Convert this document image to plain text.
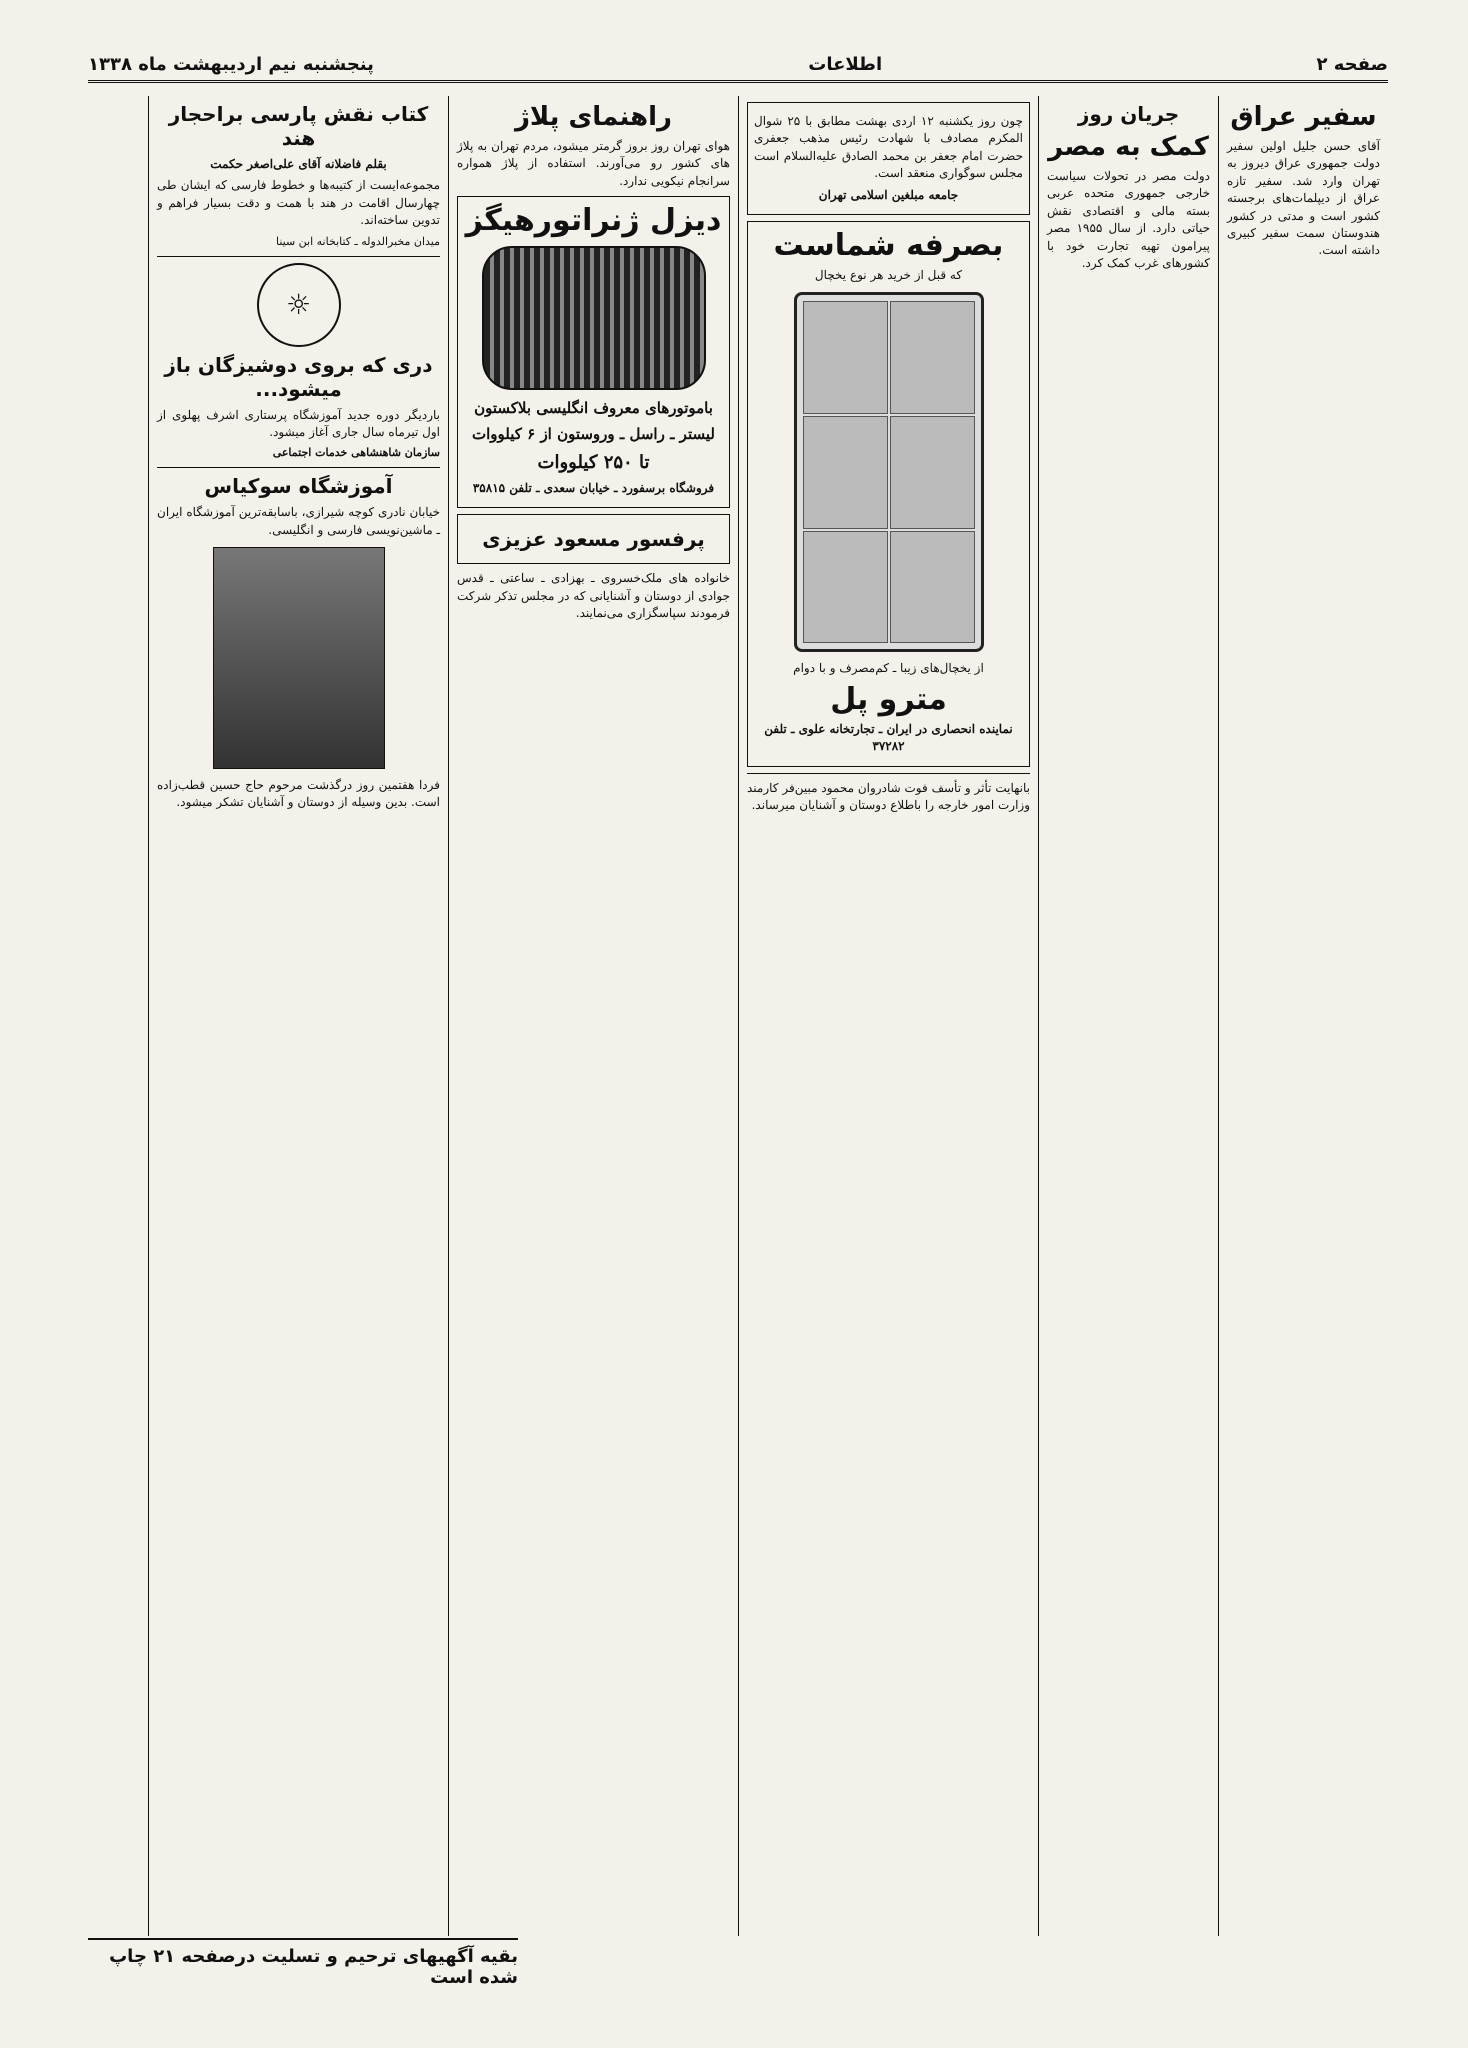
صفحه ۲
اطلاعات
پنجشنبه نیم اردیبهشت ماه ۱۳۳۸
سفیر عراق

آقای حسن جلیل اولین سفیر دولت جمهوری عراق دیروز به تهران وارد شد. سفیر تازه عراق از دیپلمات‌های برجسته کشور است و مدتی در کشور هندوستان سمت سفیر کبیری داشته است.

جریان روز
کمک به مصر

دولت مصر در تحولات سیاست خارجی جمهوری متحده عربی بسته مالی و اقتصادی نقش حیاتی دارد. از سال ۱۹۵۵ مصر پیرامون تهیه تجارت خود با کشورهای غرب کمک کرد.

چون روز یکشنبه ۱۲ اردی بهشت مطابق با ۲۵ شوال المکرم مصادف با شهادت رئیس مذهب جعفری حضرت امام جعفر بن محمد الصادق علیه‌السلام است مجلس سوگواری منعقد است.

جامعه مبلغین اسلامی تهران

بصرفه شماست

که قبل از خرید هر نوع یخچال

از یخچال‌های زیبا ـ کم‌مصرف و با دوام

مترو پل

نماینده انحصاری در ایران ـ تجارتخانه علوی ـ تلفن ۳۷۲۸۲

بانهایت تأثر و تأسف فوت شادروان محمود مبین‌فر کارمند وزارت امور خارجه را باطلاع دوستان و آشنایان میرساند.

راهنمای پلاژ

هوای تهران روز بروز گرمتر میشود، مردم تهران به پلاژ های کشور رو می‌آورند. استفاده از پلاژ همواره سرانجام نیکویی ندارد.

دیزل ژنراتورهیگز

باموتورهای معروف انگلیسی بلاکستون

لیستر ـ راسل ـ وروستون از ۶ کیلووات

تا ۲۵۰ کیلووات

فروشگاه برسفورد ـ خیابان سعدی ـ تلفن ۳۵۸۱۵

پرفسور مسعود عزیزی

خانواده های ملک‌خسروی ـ بهزادی ـ ساعتی ـ قدس جوادی از دوستان و آشنایانی که در مجلس تذکر شرکت فرمودند سپاسگزاری می‌نمایند.

کتاب نقش پارسی براحجار هند

بقلم فاضلانه آقای علی‌اصغر حکمت

مجموعه‌ایست از کتیبه‌ها و خطوط فارسی که ایشان طی چهارسال اقامت در هند با همت و دقت بسیار فراهم و تدوین ساخته‌اند.

میدان مخبرالدوله ـ کتابخانه ابن سینا

☼
دری که بروی دوشیزگان باز میشود...

باردیگر دوره جدید آموزشگاه پرستاری اشرف پهلوی از اول تیرماه سال جاری آغاز میشود.

سازمان شاهنشاهی خدمات اجتماعی

آموزشگاه سوکیاس

خیابان نادری کوچه شیرازی، باسابقه‌ترین آموزشگاه ایران ـ ماشین‌نویسی فارسی و انگلیسی.

فردا هفتمین روز درگذشت مرحوم حاج حسین قطب‌زاده است. بدین وسیله از دوستان و آشنایان تشکر میشود.

بقیه آگهیهای ترحیم و تسلیت درصفحه ۲۱ چاپ شده است
